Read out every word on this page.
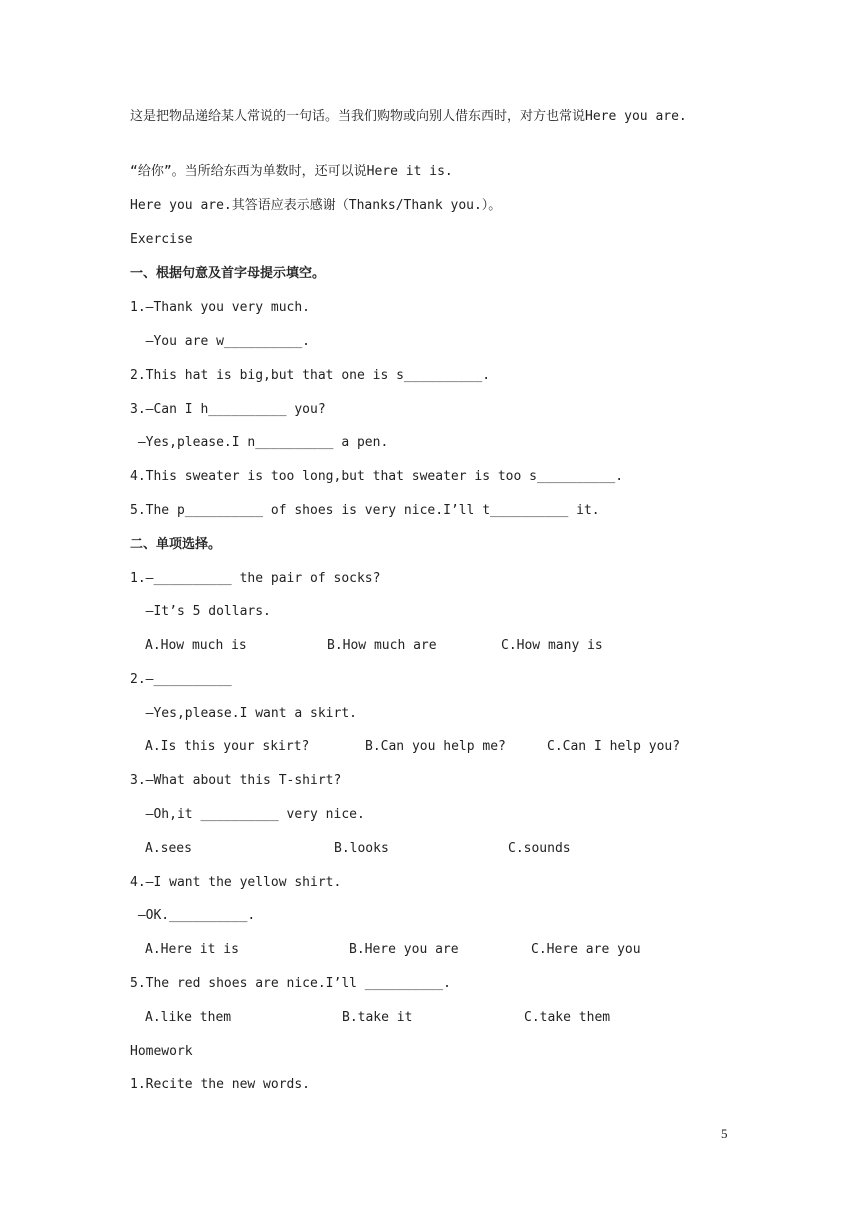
这是把物品递给某人常说的一句话。当我们购物或向别人借东西时，对方也常说Here you are.
“给你”。当所给东西为单数时，还可以说Here it is.
Here you are.其答语应表示感谢（Thanks/Thank you.）。
Exercise
一、根据句意及首字母提示填空。
1.—Thank you very much.
—You are w__________.
2.This hat is big,but that one is s__________.
3.—Can I h__________ you?
—Yes,please.I n__________ a pen.
4.This sweater is too long,but that sweater is too s__________.
5.The p__________ of shoes is very nice.I’ll t__________ it.
二、单项选择。
1.—__________ the pair of socks?
—It’s 5 dollars.
A.How much is	B.How much are	C.How many is
2.—__________
—Yes,please.I want a skirt.
A.Is this your skirt?	B.Can you help me?	C.Can I help you?
3.—What about this T-shirt?
—Oh,it __________ very nice.
A.sees	B.looks	C.sounds
4.—I want the yellow shirt.
—OK.__________.
A.Here it is	B.Here you are	C.Here are you
5.The red shoes are nice.I’ll __________.
A.like them	B.take it	C.take them
Homework
1.Recite the new words.
5
